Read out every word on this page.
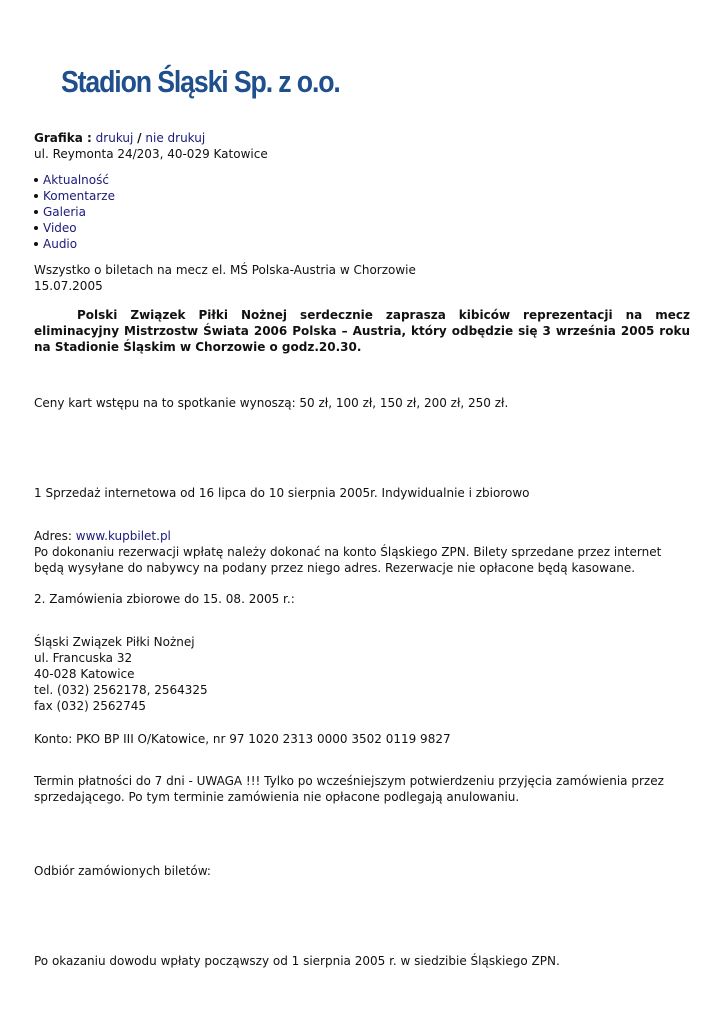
Stadion Śląski Sp. z o.o.
Grafika : drukuj / nie drukuj
ul. Reymonta 24/203, 40-029 Katowice
Aktualność
Komentarze
Galeria
Video
Audio
Wszystko o biletach na mecz el. MŚ Polska-Austria w Chorzowie
15.07.2005
Polski Związek Piłki Nożnej serdecznie zaprasza kibiców reprezentacji na mecz eliminacyjny Mistrzostw Świata 2006 Polska – Austria, który odbędzie się 3 września 2005 roku na Stadionie Śląskim w Chorzowie o godz.20.30.
Ceny kart wstępu na to spotkanie wynoszą: 50 zł, 100 zł, 150 zł, 200 zł, 250 zł.
1 Sprzedaż internetowa od 16 lipca do 10 sierpnia 2005r. Indywidualnie i zbiorowo
Adres: www.kupbilet.pl
Po dokonaniu rezerwacji wpłatę należy dokonać na konto Śląskiego ZPN. Bilety sprzedane przez internet będą wysyłane do nabywcy na podany przez niego adres. Rezerwacje nie opłacone będą kasowane.
2. Zamówienia zbiorowe do 15. 08. 2005 r.:
Śląski Związek Piłki Nożnej
ul. Francuska 32
40-028 Katowice
tel. (032) 2562178, 2564325
fax (032) 2562745
Konto: PKO BP III O/Katowice, nr 97 1020 2313 0000 3502 0119 9827
Termin płatności do 7 dni - UWAGA !!! Tylko po wcześniejszym potwierdzeniu przyjęcia zamówienia przez sprzedającego. Po tym terminie zamówienia nie opłacone podlegają anulowaniu.
Odbiór zamówionych biletów:
Po okazaniu dowodu wpłaty począwszy od 1 sierpnia 2005 r. w siedzibie Śląskiego ZPN.
